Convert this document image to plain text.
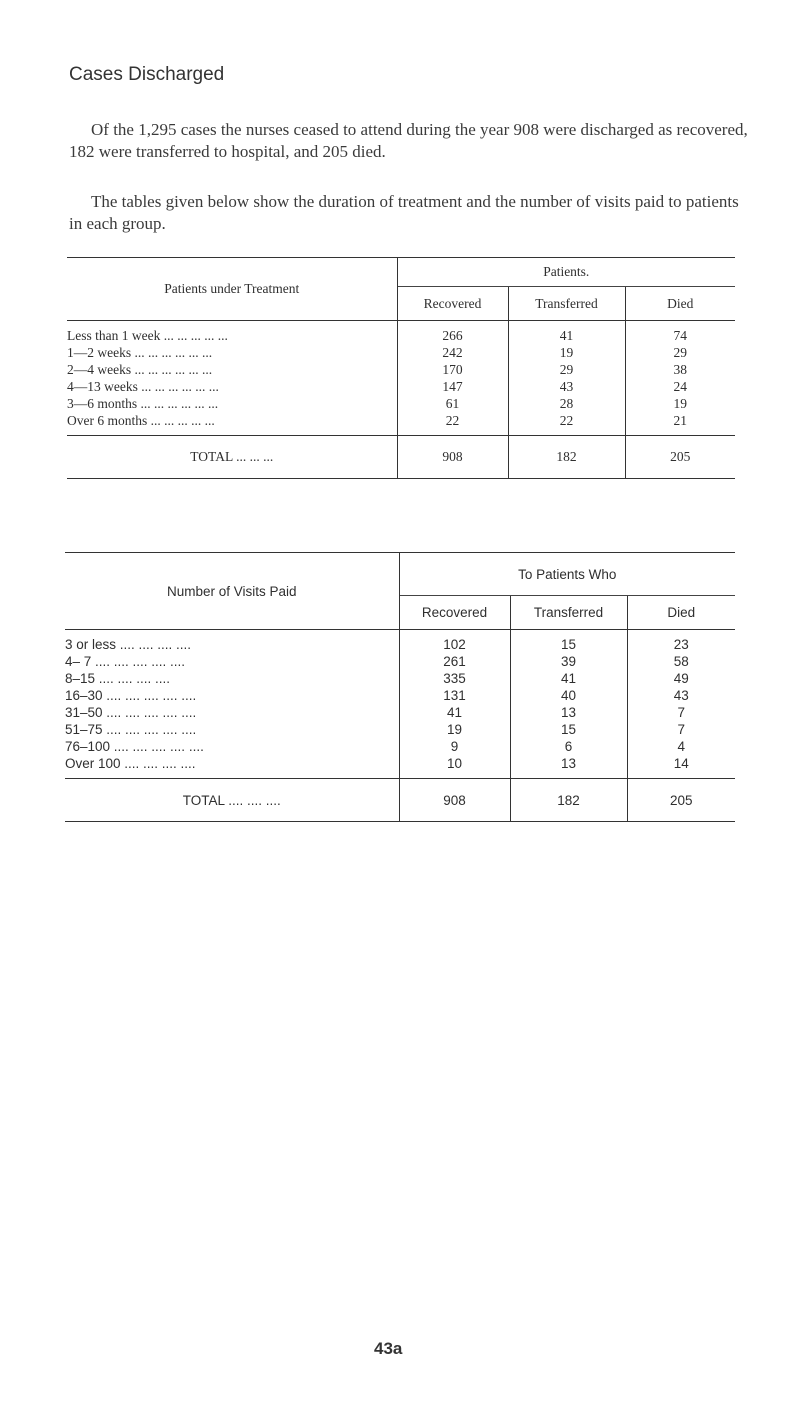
Cases Discharged

Of the 1,295 cases the nurses ceased to attend during the year 908 were discharged as recovered, 182 were transferred to hospital, and 205 died.

The tables given below show the duration of treatment and the number of visits paid to patients in each group.

Patients under Treatment	Patients.		
	Recovered	Transferred	Died
Less than 1 week ... ... ... ... ...	266	41	74
1—2 weeks ... ... ... ... ... ...	242	19	29
2—4 weeks ... ... ... ... ... ...	170	29	38
4—13 weeks ... ... ... ... ... ...	147	43	24
3—6 months ... ... ... ... ... ...	61	28	19
Over 6 months ... ... ... ... ...	22	22	21
TOTAL ... ... ...	908	182	205
Number of Visits Paid	To Patients Who		
	Recovered	Transferred	Died
3 or less .... .... .... ....	102	15	23
4– 7 .... .... .... .... ....	261	39	58
8–15 .... .... .... ....	335	41	49
16–30 .... .... .... .... ....	131	40	43
31–50 .... .... .... .... ....	41	13	7
51–75 .... .... .... .... ....	19	15	7
76–100 .... .... .... .... ....	9	6	4
Over 100 .... .... .... ....	10	13	14
TOTAL .... .... ....	908	182	205
43a
